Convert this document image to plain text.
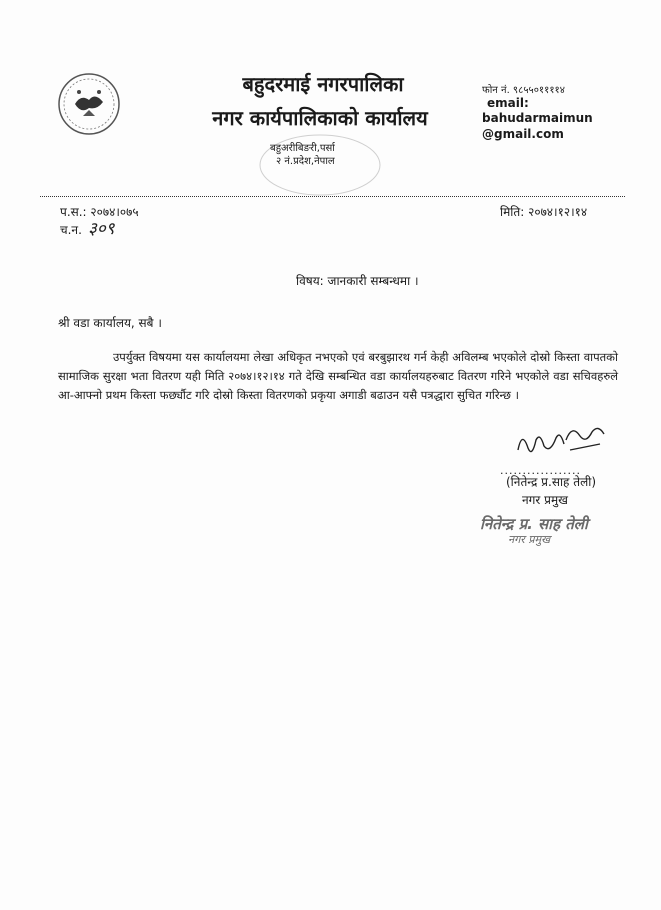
बहुदरमाई नगरपालिका
नगर कार्यपालिकाको कार्यालय
बहुअरीबिङरी,पर्सा
२ नं.प्रदेश,नेपाल
फोन नं. ९८५५०११११४
email:
bahudarmaimun
@gmail.com
प.स.: २०७४।०७५
च.न. ३०९
मिति: २०७४।१२।१४
विषय: जानकारी सम्बन्धमा ।
श्री वडा कार्यालय, सबै ।

उपर्युक्त विषयमा यस कार्यालयमा लेखा अधिकृत नभएको एवं बरबुझारथ गर्न केही अविलम्ब भएकोले दोस्रो किस्ता वापतको सामाजिक सुरक्षा भता वितरण यही मिति २०७४।१२।१४ गते देखि सम्बन्धित वडा कार्यालयहरुबाट वितरण गरिने भएकोले वडा सचिवहरुले आ-आफ्नो प्रथम किस्ता फर्छ्यौट गरि दोस्रो किस्ता वितरणको प्रकृया अगाडी बढाउन यसै पत्रद्धारा सुचित गरिन्छ ।

..................
(नितेन्द्र प्र.साह तेली)
नगर प्रमुख
नितेन्द्र प्र. साह तेली
नगर प्रमुख
